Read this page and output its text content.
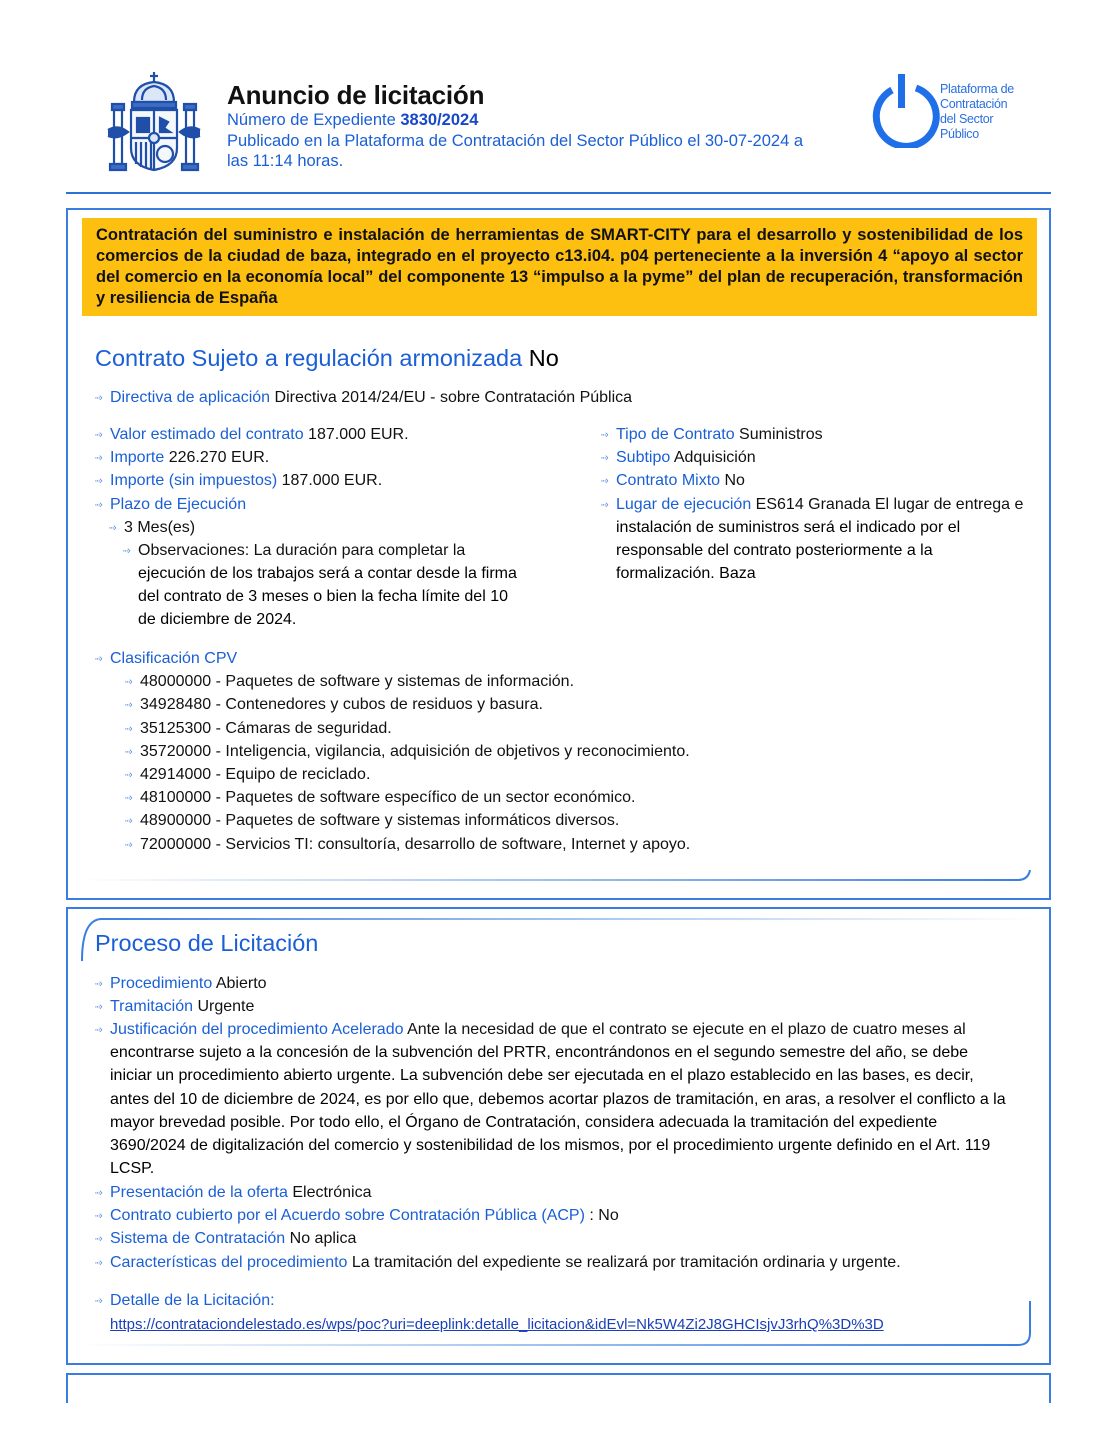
Anuncio de licitación
Número de Expediente 3830/2024
Publicado en la Plataforma de Contratación del Sector Público el 30-07-2024 a
las 11:14 horas.
Plataforma de
Contratación
del Sector
Público
Contratación del suministro e instalación de herramientas de SMART-CITY para el desarrollo y sostenibilidad de los comercios de la ciudad de baza, integrado en el proyecto c13.i04. p04 perteneciente a la inversión 4 “apoyo al sector del comercio en la economía local” del componente 13 “impulso a la pyme” del plan de recuperación, transformación y resiliencia de España
Contrato Sujeto a regulación armonizada No
···› Directiva de aplicación Directiva 2014/24/EU - sobre Contratación Pública
···› Valor estimado del contrato 187.000 EUR.
···› Importe 226.270 EUR.
···› Importe (sin impuestos) 187.000 EUR.
···› Plazo de Ejecución
···› 3 Mes(es)
···› Observaciones: La duración para completar la
ejecución de los trabajos será a contar desde la firma
del contrato de 3 meses o bien la fecha límite del 10
de diciembre de 2024.
···› Tipo de Contrato Suministros
···› Subtipo Adquisición
···› Contrato Mixto No
···› Lugar de ejecución ES614 Granada El lugar de entrega e
instalación de suministros será el indicado por el
responsable del contrato posteriormente a la
formalización. Baza
···› Clasificación CPV
···› 48000000 - Paquetes de software y sistemas de información.
···› 34928480 - Contenedores y cubos de residuos y basura.
···› 35125300 - Cámaras de seguridad.
···› 35720000 - Inteligencia, vigilancia, adquisición de objetivos y reconocimiento.
···› 42914000 - Equipo de reciclado.
···› 48100000 - Paquetes de software específico de un sector económico.
···› 48900000 - Paquetes de software y sistemas informáticos diversos.
···› 72000000 - Servicios TI: consultoría, desarrollo de software, Internet y apoyo.
Proceso de Licitación
···› Procedimiento Abierto
···› Tramitación Urgente
···› Justificación del procedimiento Acelerado Ante la necesidad de que el contrato se ejecute en el plazo de cuatro meses al
encontrarse sujeto a la concesión de la subvención del PRTR, encontrándonos en el segundo semestre del año, se debe
iniciar un procedimiento abierto urgente. La subvención debe ser ejecutada en el plazo establecido en las bases, es decir,
antes del 10 de diciembre de 2024, es por ello que, debemos acortar plazos de tramitación, en aras, a resolver el conflicto a la
mayor brevedad posible. Por todo ello, el Órgano de Contratación, considera adecuada la tramitación del expediente
3690/2024 de digitalización del comercio y sostenibilidad de los mismos, por el procedimiento urgente definido en el Art. 119
LCSP.
···› Presentación de la oferta Electrónica
···› Contrato cubierto por el Acuerdo sobre Contratación Pública (ACP) : No
···› Sistema de Contratación No aplica
···› Características del procedimiento La tramitación del expediente se realizará por tramitación ordinaria y urgente.
···› Detalle de la Licitación:
https://contrataciondelestado.es/wps/poc?uri=deeplink:detalle_licitacion&idEvl=Nk5W4Zi2J8GHCIsjvJ3rhQ%3D%3D
